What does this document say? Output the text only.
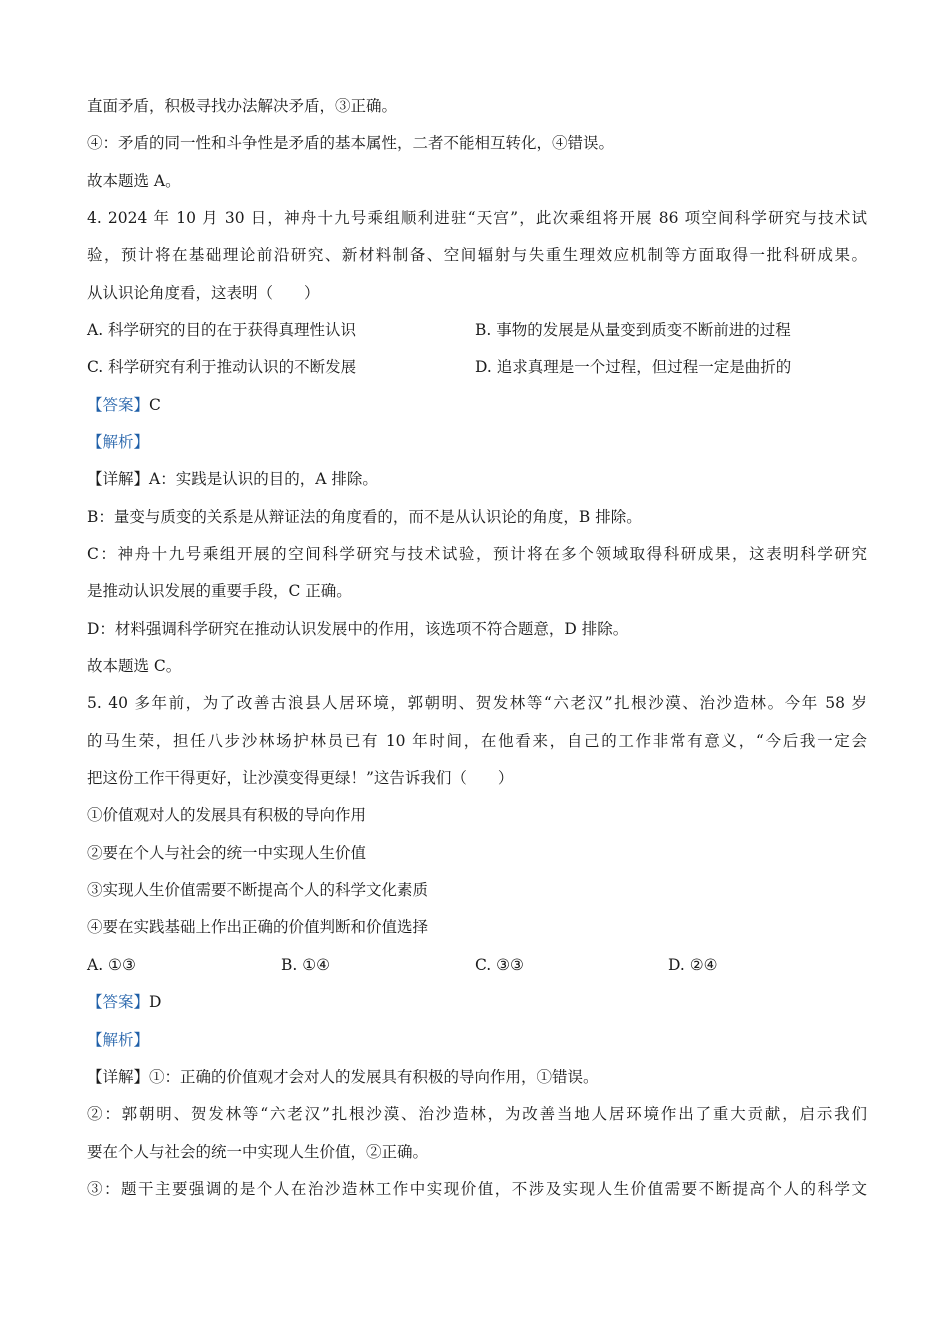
直面矛盾，积极寻找办法解决矛盾，③正确。
④：矛盾的同一性和斗争性是矛盾的基本属性，二者不能相互转化，④错误。
故本题选 A。
4. 2024 年 10 月 30 日，神舟十九号乘组顺利进驻“天宫”，此次乘组将开展 86 项空间科学研究与技术试
验，预计将在基础理论前沿研究、新材料制备、空间辐射与失重生理效应机制等方面取得一批科研成果。
从认识论角度看，这表明（　　）
A. 科学研究的目的在于获得真理性认识	B. 事物的发展是从量变到质变不断前进的过程
C. 科学研究有利于推动认识的不断发展	D. 追求真理是一个过程，但过程一定是曲折的
【答案】C
【解析】
【详解】A：实践是认识的目的，A 排除。
B：量变与质变的关系是从辩证法的角度看的，而不是从认识论的角度，B 排除。
C：神舟十九号乘组开展的空间科学研究与技术试验，预计将在多个领域取得科研成果，这表明科学研究
是推动认识发展的重要手段，C 正确。
D：材料强调科学研究在推动认识发展中的作用，该选项不符合题意，D 排除。
故本题选 C。
5. 40 多年前，为了改善古浪县人居环境，郭朝明、贺发林等“六老汉”扎根沙漠、治沙造林。今年 58 岁
的马生荣，担任八步沙林场护林员已有 10 年时间，在他看来，自己的工作非常有意义，“今后我一定会
把这份工作干得更好，让沙漠变得更绿！”这告诉我们（　　）
①价值观对人的发展具有积极的导向作用
②要在个人与社会的统一中实现人生价值
③实现人生价值需要不断提高个人的科学文化素质
④要在实践基础上作出正确的价值判断和价值选择
A. ①③	B. ①④	C. ③③	D. ②④
【答案】D
【解析】
【详解】①：正确的价值观才会对人的发展具有积极的导向作用，①错误。
②：郭朝明、贺发林等“六老汉”扎根沙漠、治沙造林，为改善当地人居环境作出了重大贡献，启示我们
要在个人与社会的统一中实现人生价值，②正确。
③：题干主要强调的是个人在治沙造林工作中实现价值，不涉及实现人生价值需要不断提高个人的科学文
